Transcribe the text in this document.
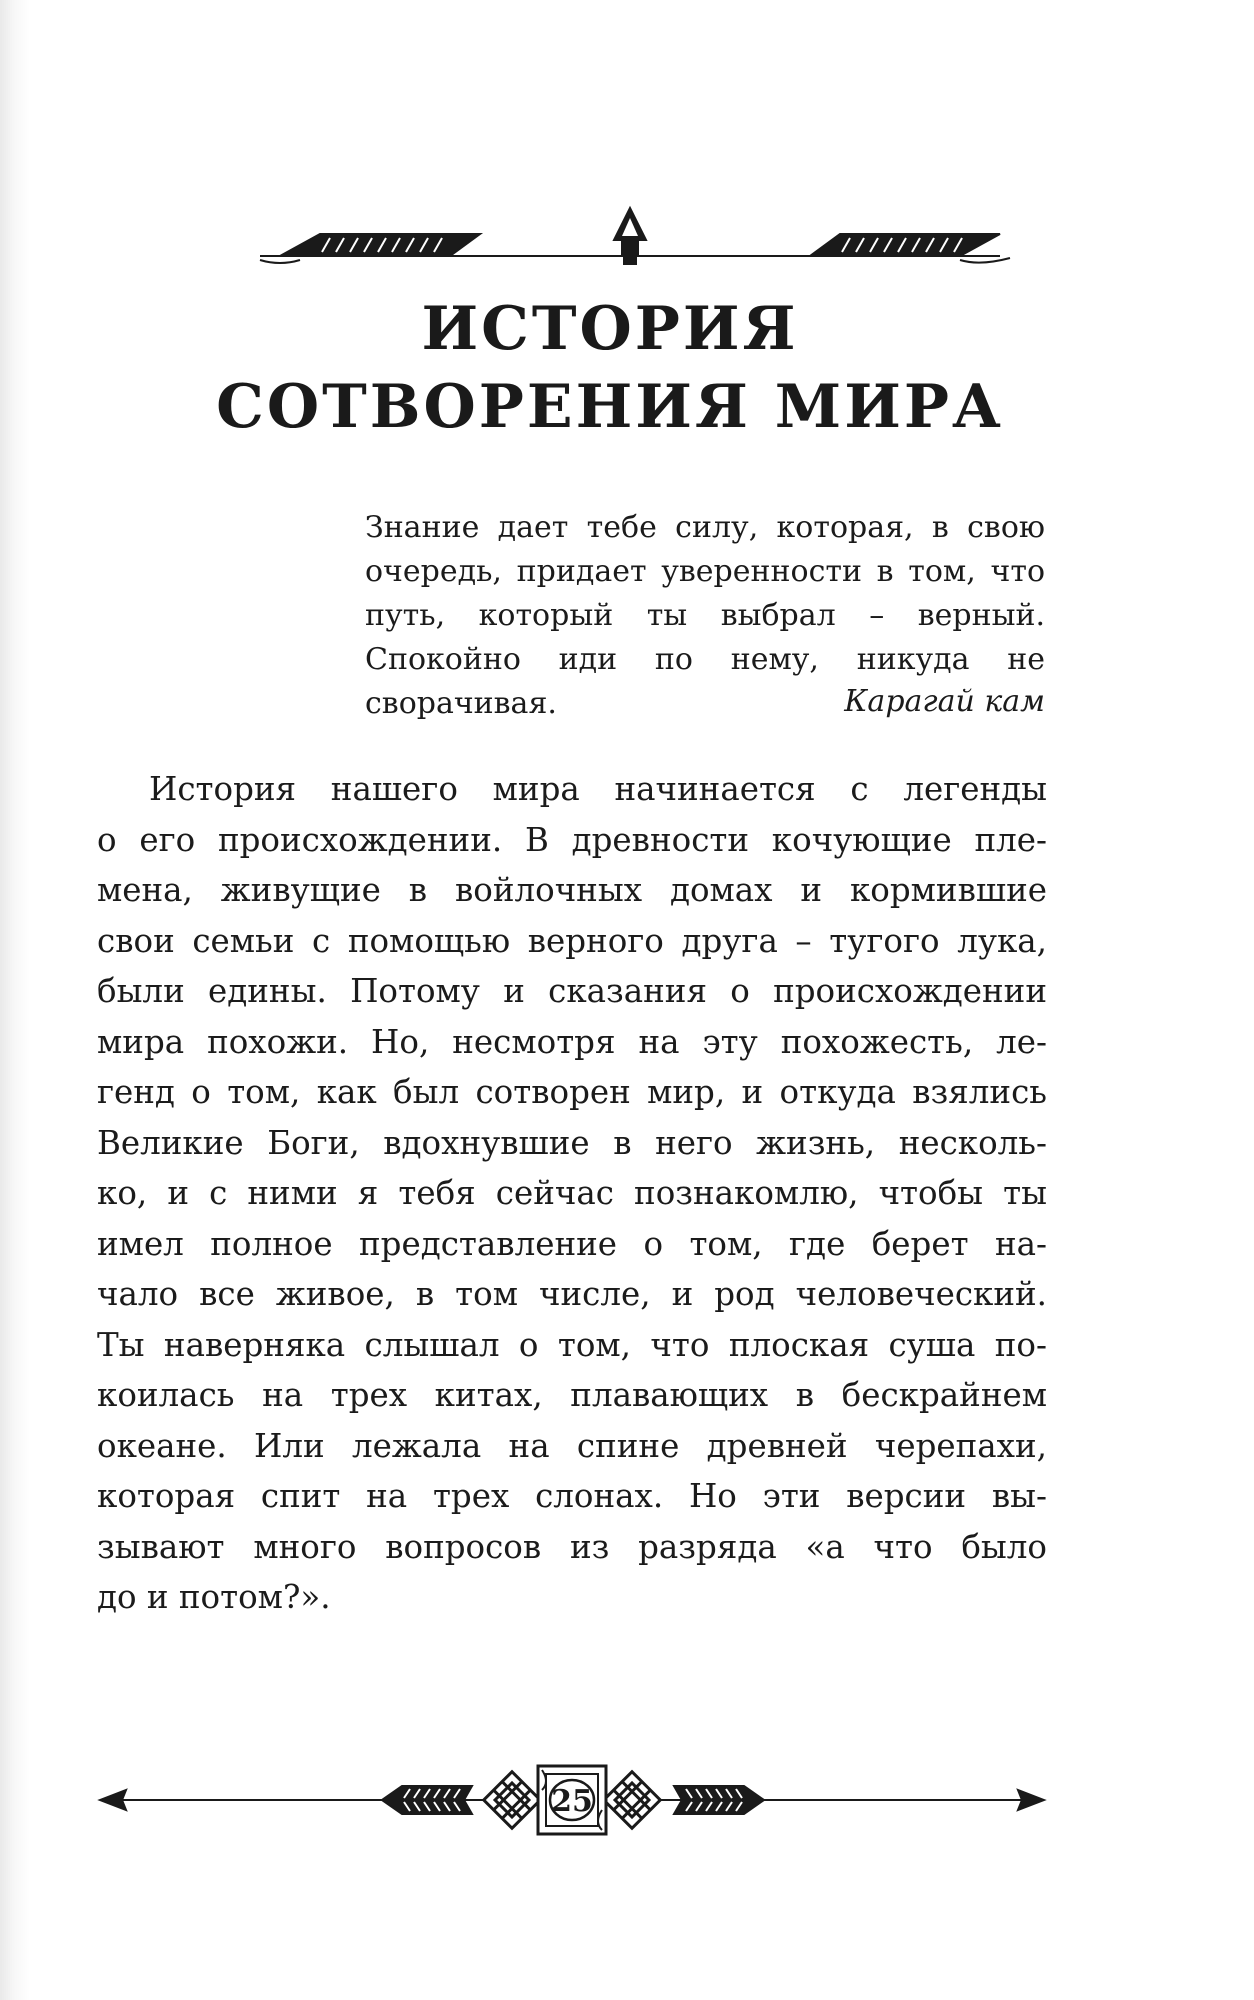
ИСТОРИЯ
СОТВОРЕНИЯ МИРА
Знание дает тебе силу, которая, в свою очередь, придает уверенности в том, что путь, который ты выбрал – верный. Спокойно иди по нему, никуда не сворачивая.	Карагай кам
История нашего мира начинается с легенды
о его происхождении. В древности кочующие пле-
мена, живущие в войлочных домах и кормившие
свои семьи с помощью верного друга – тугого лука,
были едины. Потому и сказания о происхождении
мира похожи. Но, несмотря на эту похожесть, ле-
генд о том, как был сотворен мир, и откуда взялись
Великие Боги, вдохнувшие в него жизнь, несколь-
ко, и с ними я тебя сейчас познакомлю, чтобы ты
имел полное представление о том, где берет на-
чало все живое, в том числе, и род человеческий.
Ты наверняка слышал о том, что плоская суша по-
коилась на трех китах, плавающих в бескрайнем
океане. Или лежала на спине древней черепахи,
которая спит на трех слонах. Но эти версии вы-
зывают много вопросов из разряда «а что было
до и потом?».
25
